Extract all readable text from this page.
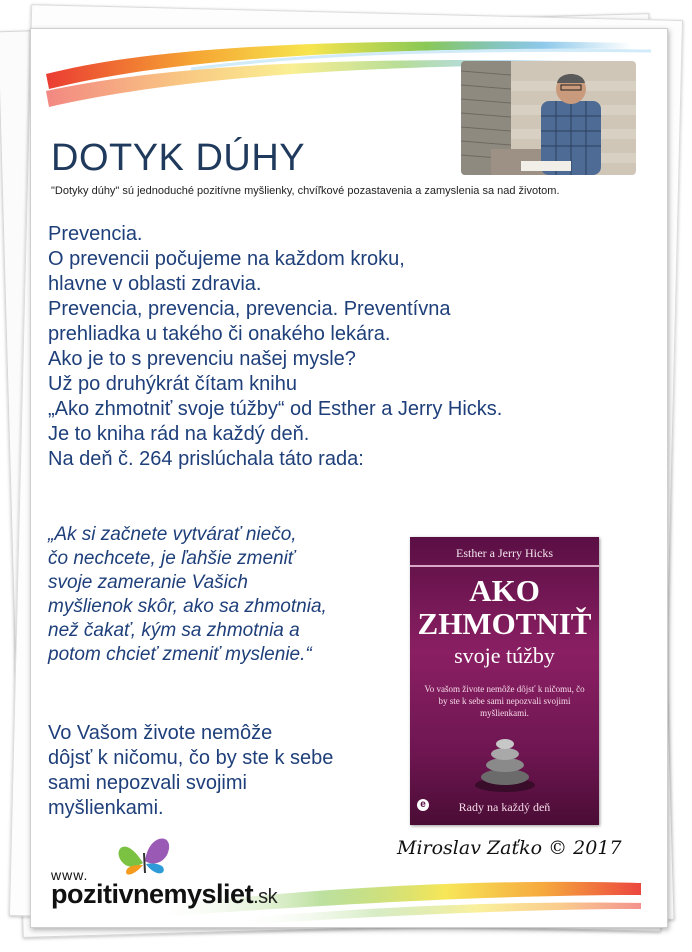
DOTYK DÚHY
"Dotyky dúhy" sú jednoduché pozitívne myšlienky, chvíľkové pozastavenia a zamyslenia sa nad životom.
Prevencia.
O prevencii počujeme na každom kroku,
hlavne v oblasti zdravia.
Prevencia, prevencia, prevencia. Preventívna
prehliadka u takého či onakého lekára.
Ako je to s prevenciu našej mysle?
Už po druhýkrát čítam knihu
„Ako zhmotniť svoje túžby“ od Esther a Jerry Hicks.
Je to kniha rád na každý deň.
Na deň č. 264 prislúchala táto rada:
„Ak si začnete vytvárať niečo,
čo nechcete, je ľahšie zmeniť
svoje zameranie Vašich
myšlienok skôr, ako sa zhmotnia,
než čakať, kým sa zhmotnia a
potom chcieť zmeniť myslenie.“
Vo Vašom živote nemôže
dôjsť k ničomu, čo by ste k sebe
sami nepozvali svojimi
myšlienkami.
Esther a Jerry Hicks
AKO
ZHMOTNIŤ
svoje túžby
Vo vašom živote nemôže dôjsť k ničomu, čo by ste k sebe sami nepozvali svojimi myšlienkami.
e	Rady na každý deň
Miroslav Zaťko © 2017
www.
pozitivnemysliet.sk
